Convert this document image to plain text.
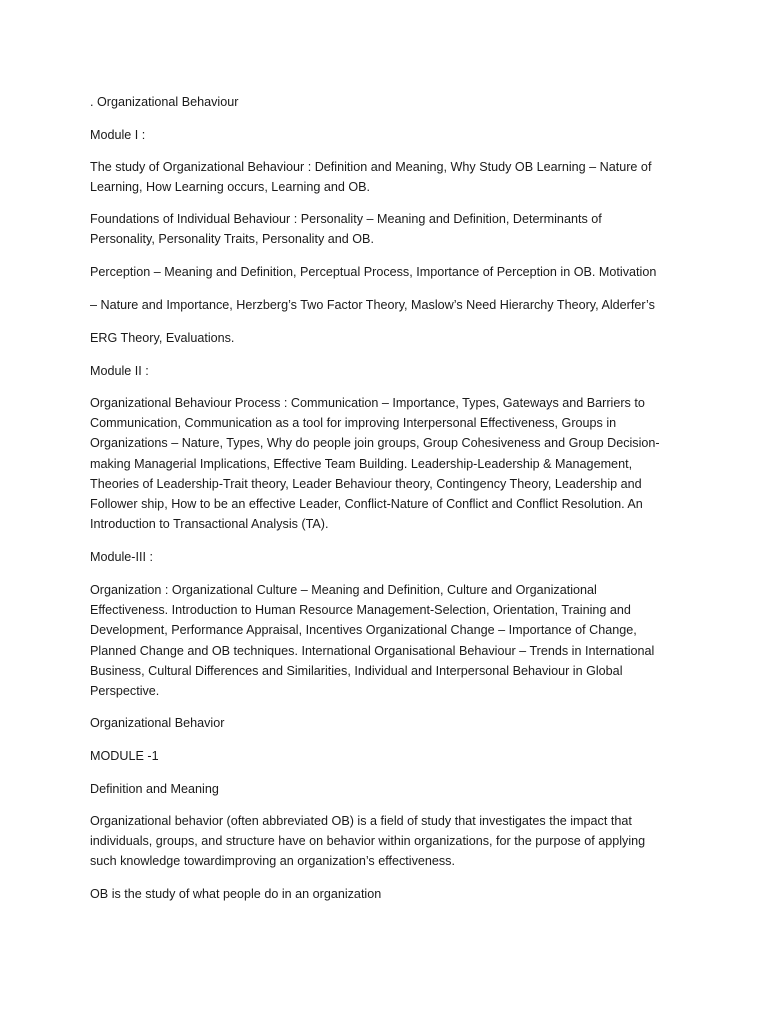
. Organizational Behaviour

Module I :

The study of Organizational Behaviour : Definition and Meaning, Why Study OB Learning – Nature of
Learning, How Learning occurs, Learning and OB.

Foundations of Individual Behaviour : Personality – Meaning and Definition, Determinants of
Personality, Personality Traits, Personality and OB.

Perception – Meaning and Definition, Perceptual Process, Importance of Perception in OB. Motivation

– Nature and Importance, Herzberg’s Two Factor Theory, Maslow’s Need Hierarchy Theory, Alderfer’s

ERG Theory, Evaluations.

Module II :

Organizational Behaviour Process : Communication – Importance, Types, Gateways and Barriers to
Communication, Communication as a tool for improving Interpersonal Effectiveness, Groups in
Organizations – Nature, Types, Why do people join groups, Group Cohesiveness and Group Decision-
making Managerial Implications, Effective Team Building. Leadership-Leadership & Management,
Theories of Leadership-Trait theory, Leader Behaviour theory, Contingency Theory, Leadership and
Follower ship, How to be an effective Leader, Conflict-Nature of Conflict and Conflict Resolution. An
Introduction to Transactional Analysis (TA).

Module-III :

Organization : Organizational Culture – Meaning and Definition, Culture and Organizational
Effectiveness. Introduction to Human Resource Management-Selection, Orientation, Training and
Development, Performance Appraisal, Incentives Organizational Change – Importance of Change,
Planned Change and OB techniques. International Organisational Behaviour – Trends in International
Business, Cultural Differences and Similarities, Individual and Interpersonal Behaviour in Global
Perspective.

Organizational Behavior

MODULE -1

Definition and Meaning

Organizational behavior (often abbreviated OB) is a field of study that investigates the impact that
individuals, groups, and structure have on behavior within organizations, for the purpose of applying
such knowledge towardimproving an organization’s effectiveness.

OB is the study of what people do in an organization
